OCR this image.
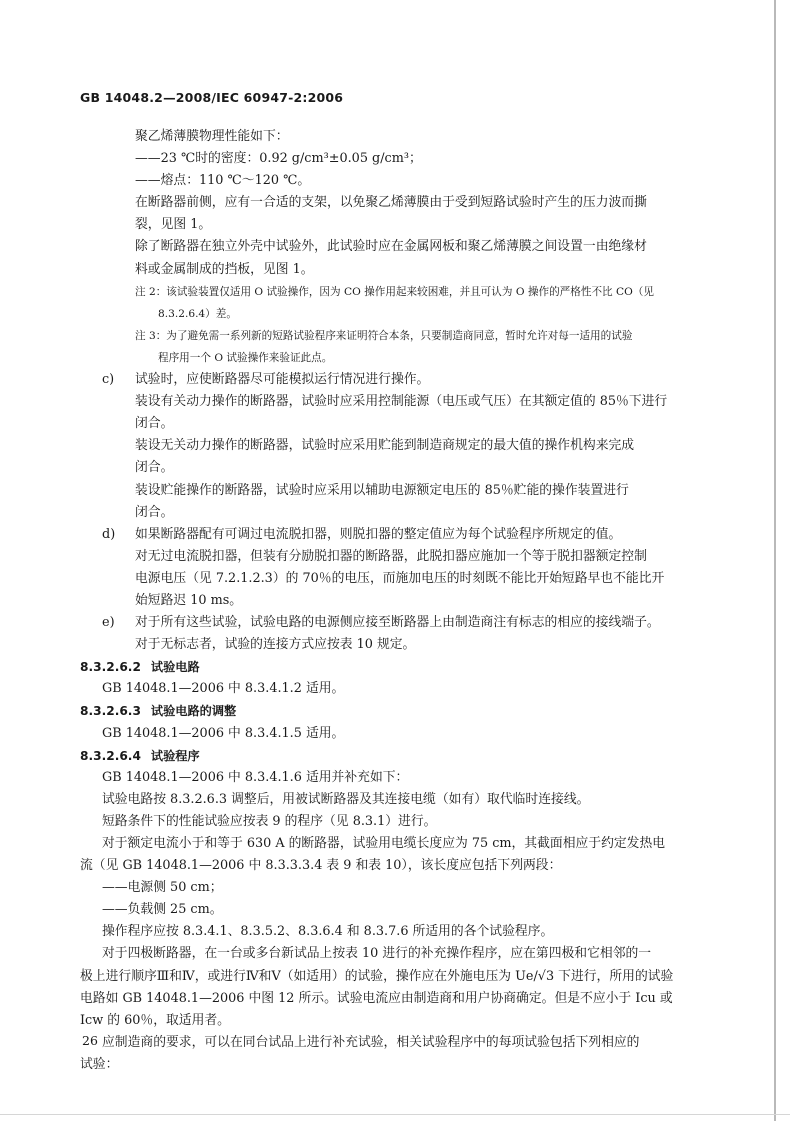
GB 14048.2—2008/IEC 60947-2:2006
聚乙烯薄膜物理性能如下：
——23 ℃时的密度：0.92 g/cm³±0.05 g/cm³；
——熔点：110 ℃～120 ℃。
在断路器前侧，应有一合适的支架，以免聚乙烯薄膜由于受到短路试验时产生的压力波而撕
裂，见图 1。
除了断路器在独立外壳中试验外，此试验时应在金属网板和聚乙烯薄膜之间设置一由绝缘材
料或金属制成的挡板，见图 1。
注 2：该试验装置仅适用 O 试验操作，因为 CO 操作用起来较困难，并且可认为 O 操作的严格性不比 CO（见
8.3.2.6.4）差。
注 3：为了避免需一系列新的短路试验程序来证明符合本条，只要制造商同意，暂时允许对每一适用的试验
程序用一个 O 试验操作来验证此点。
c) 试验时，应使断路器尽可能模拟运行情况进行操作。
装设有关动力操作的断路器，试验时应采用控制能源（电压或气压）在其额定值的 85％下进行
闭合。
装设无关动力操作的断路器，试验时应采用贮能到制造商规定的最大值的操作机构来完成
闭合。
装设贮能操作的断路器，试验时应采用以辅助电源额定电压的 85％贮能的操作装置进行
闭合。
d) 如果断路器配有可调过电流脱扣器，则脱扣器的整定值应为每个试验程序所规定的值。
对无过电流脱扣器，但装有分励脱扣器的断路器，此脱扣器应施加一个等于脱扣器额定控制
电源电压（见 7.2.1.2.3）的 70％的电压，而施加电压的时刻既不能比开始短路早也不能比开
始短路迟 10 ms。
e) 对于所有这些试验，试验电路的电源侧应接至断路器上由制造商注有标志的相应的接线端子。
对于无标志者，试验的连接方式应按表 10 规定。
8.3.2.6.2 试验电路
GB 14048.1—2006 中 8.3.4.1.2 适用。
8.3.2.6.3 试验电路的调整
GB 14048.1—2006 中 8.3.4.1.5 适用。
8.3.2.6.4 试验程序
GB 14048.1—2006 中 8.3.4.1.6 适用并补充如下：
试验电路按 8.3.2.6.3 调整后，用被试断路器及其连接电缆（如有）取代临时连接线。
短路条件下的性能试验应按表 9 的程序（见 8.3.1）进行。
对于额定电流小于和等于 630 A 的断路器，试验用电缆长度应为 75 cm，其截面相应于约定发热电
流（见 GB 14048.1—2006 中 8.3.3.3.4 表 9 和表 10），该长度应包括下列两段：
——电源侧 50 cm；
——负载侧 25 cm。
操作程序应按 8.3.4.1、8.3.5.2、8.3.6.4 和 8.3.7.6 所适用的各个试验程序。
对于四极断路器，在一台或多台新试品上按表 10 进行的补充操作程序，应在第四极和它相邻的一
极上进行顺序Ⅲ和Ⅳ，或进行Ⅳ和Ⅴ（如适用）的试验，操作应在外施电压为 Ue/√3 下进行，所用的试验
电路如 GB 14048.1—2006 中图 12 所示。试验电流应由制造商和用户协商确定。但是不应小于 Icu 或
Icw 的 60％，取适用者。
应制造商的要求，可以在同台试品上进行补充试验，相关试验程序中的每项试验包括下列相应的
试验：
26
